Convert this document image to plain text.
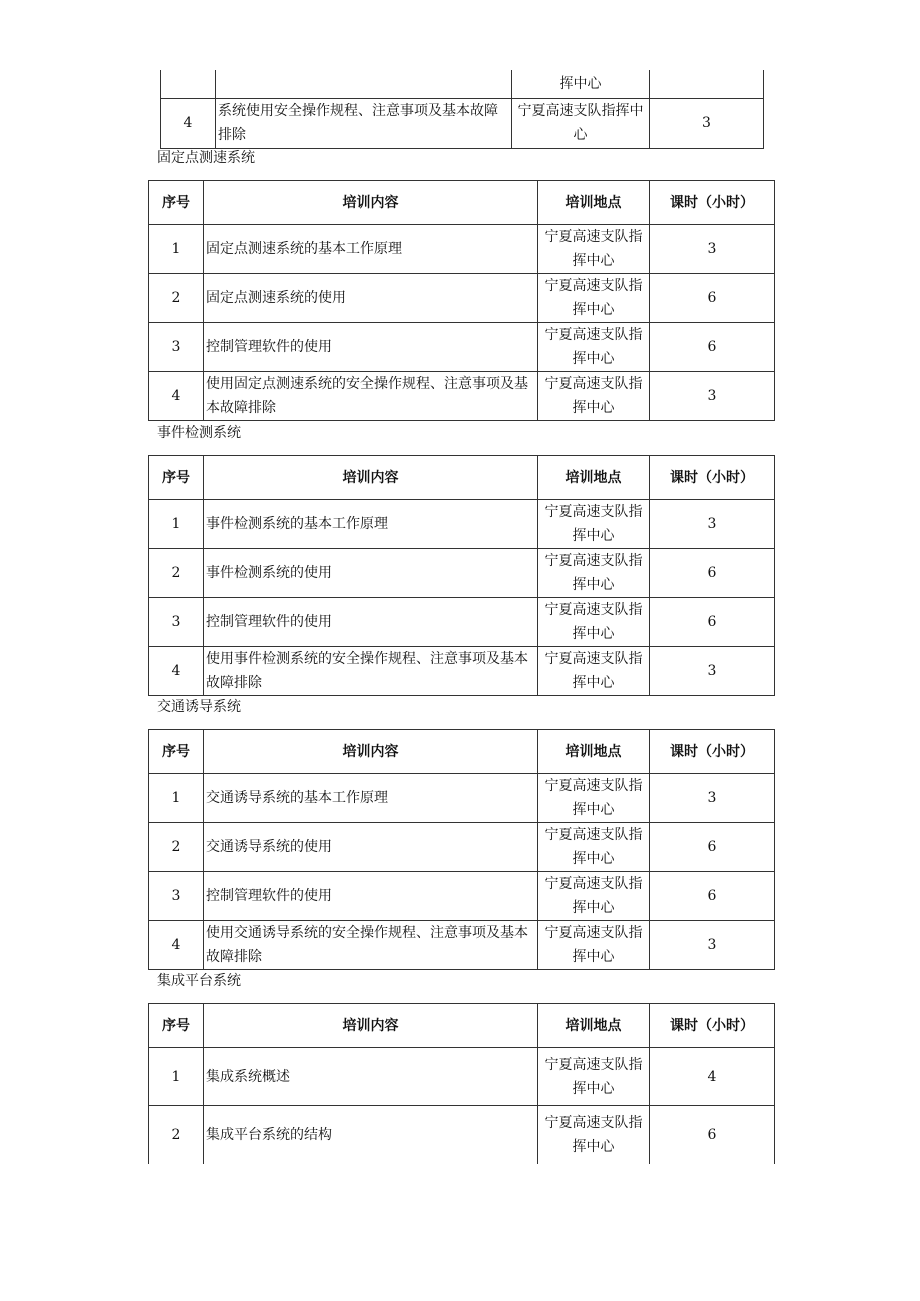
		挥中心	
4	系统使用安全操作规程、注意事项及基本故障排除	宁夏高速支队指挥中心	3
固定点测速系统
序号	培训内容	培训地点	课时（小时）
1	固定点测速系统的基本工作原理	宁夏高速支队指挥中心	3
2	固定点测速系统的使用	宁夏高速支队指挥中心	6
3	控制管理软件的使用	宁夏高速支队指挥中心	6
4	使用固定点测速系统的安全操作规程、注意事项及基本故障排除	宁夏高速支队指挥中心	3
事件检测系统
序号	培训内容	培训地点	课时（小时）
1	事件检测系统的基本工作原理	宁夏高速支队指挥中心	3
2	事件检测系统的使用	宁夏高速支队指挥中心	6
3	控制管理软件的使用	宁夏高速支队指挥中心	6
4	使用事件检测系统的安全操作规程、注意事项及基本故障排除	宁夏高速支队指挥中心	3
交通诱导系统
序号	培训内容	培训地点	课时（小时）
1	交通诱导系统的基本工作原理	宁夏高速支队指挥中心	3
2	交通诱导系统的使用	宁夏高速支队指挥中心	6
3	控制管理软件的使用	宁夏高速支队指挥中心	6
4	使用交通诱导系统的安全操作规程、注意事项及基本故障排除	宁夏高速支队指挥中心	3
集成平台系统
序号	培训内容	培训地点	课时（小时）
1	集成系统概述	宁夏高速支队指挥中心	4
2	集成平台系统的结构	宁夏高速支队指挥中心	6
